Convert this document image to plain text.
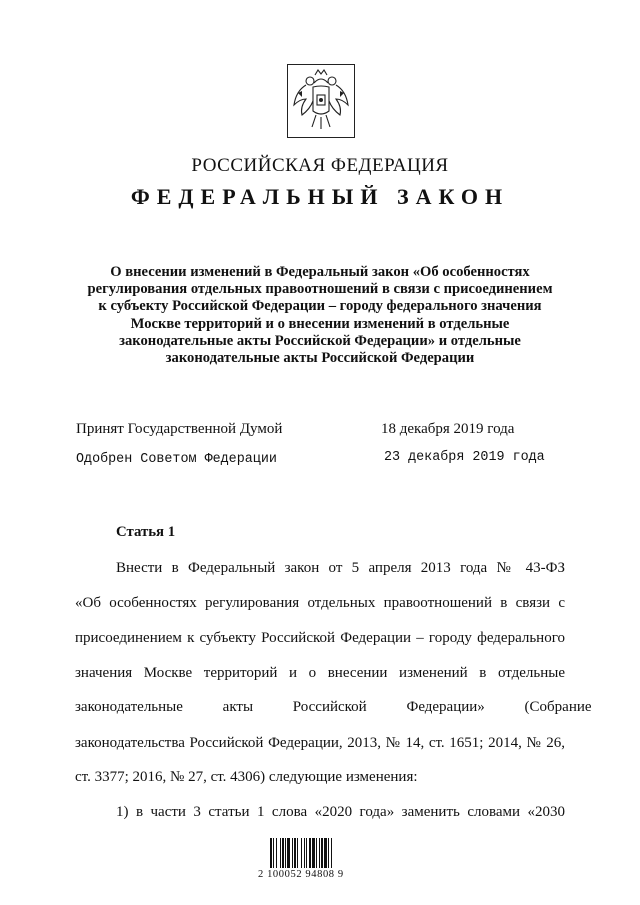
РОССИЙСКАЯ ФЕДЕРАЦИЯ
ФЕДЕРАЛЬНЫЙ ЗАКОН
О внесении изменений в Федеральный закон «Об особенностях
регулирования отдельных правоотношений в связи с присоединением
к субъекту Российской Федерации – городу федерального значения
Москве территорий и о внесении изменений в отдельные
законодательные акты Российской Федерации» и отдельные
законодательные акты Российской Федерации
Принят Государственной Думой	18 декабря 2019 года
Одобрен Советом Федерации	23 декабря 2019 года
Статья 1
Внести в Федеральный закон от 5 апреля 2013 года № 43-ФЗ
«Об особенностях регулирования отдельных правоотношений в связи с
присоединением к субъекту Российской Федерации – городу федерального
значения Москве территорий и о внесении изменений в отдельные
законодательные акты Российской Федерации» (Собрание
законодательства Российской Федерации, 2013, № 14, ст. 1651; 2014, № 26,
ст. 3377; 2016, № 27, ст. 4306) следующие изменения:
1) в части 3 статьи 1 слова «2020 года» заменить словами «2030
2 100052 94808 9
